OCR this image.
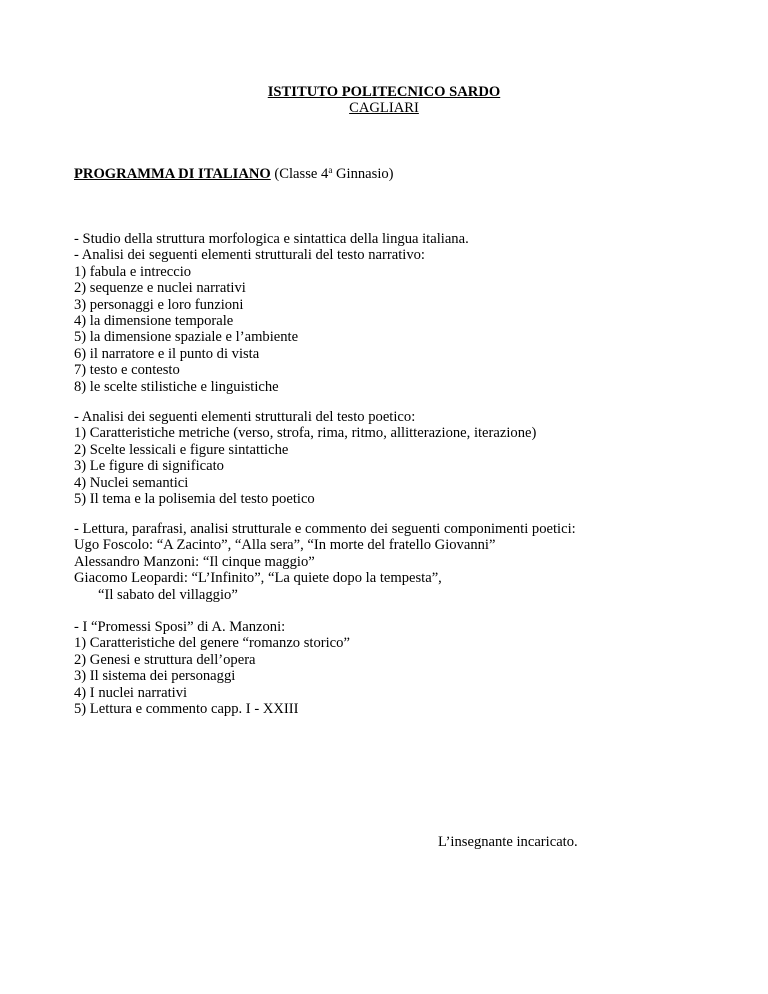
ISTITUTO POLITECNICO SARDO
CAGLIARI
PROGRAMMA DI ITALIANO (Classe 4$^a$ Ginnasio)
- Studio della struttura morfologica e sintattica della lingua italiana.
- Analisi dei seguenti elementi strutturali del testo narrativo:
1) fabula e intreccio
2) sequenze e nuclei narrativi
3) personaggi e loro funzioni
4) la dimensione temporale
5) la dimensione spaziale e l’ambiente
6) il narratore e il punto di vista
7) testo e contesto
8) le scelte stilistiche e linguistiche
- Analisi dei seguenti elementi strutturali del testo poetico:
1) Caratteristiche metriche (verso, strofa, rima, ritmo, allitterazione, iterazione)
2) Scelte lessicali e figure sintattiche
3) Le figure di significato
4) Nuclei semantici
5) Il tema e la polisemia del testo poetico
- Lettura, parafrasi, analisi strutturale e commento dei seguenti componimenti poetici:
Ugo Foscolo: “A Zacinto”, “Alla sera”, “In morte del fratello Giovanni”
Alessandro Manzoni: “Il cinque maggio”
Giacomo Leopardi: “L’Infinito”, “La quiete dopo la tempesta”,
“Il sabato del villaggio”
- I “Promessi Sposi” di A. Manzoni:
1) Caratteristiche del genere “romanzo storico”
2) Genesi e struttura dell’opera
3) Il sistema dei personaggi
4) I nuclei narrativi
5) Lettura e commento capp. I - XXIII
L’insegnante incaricato.
